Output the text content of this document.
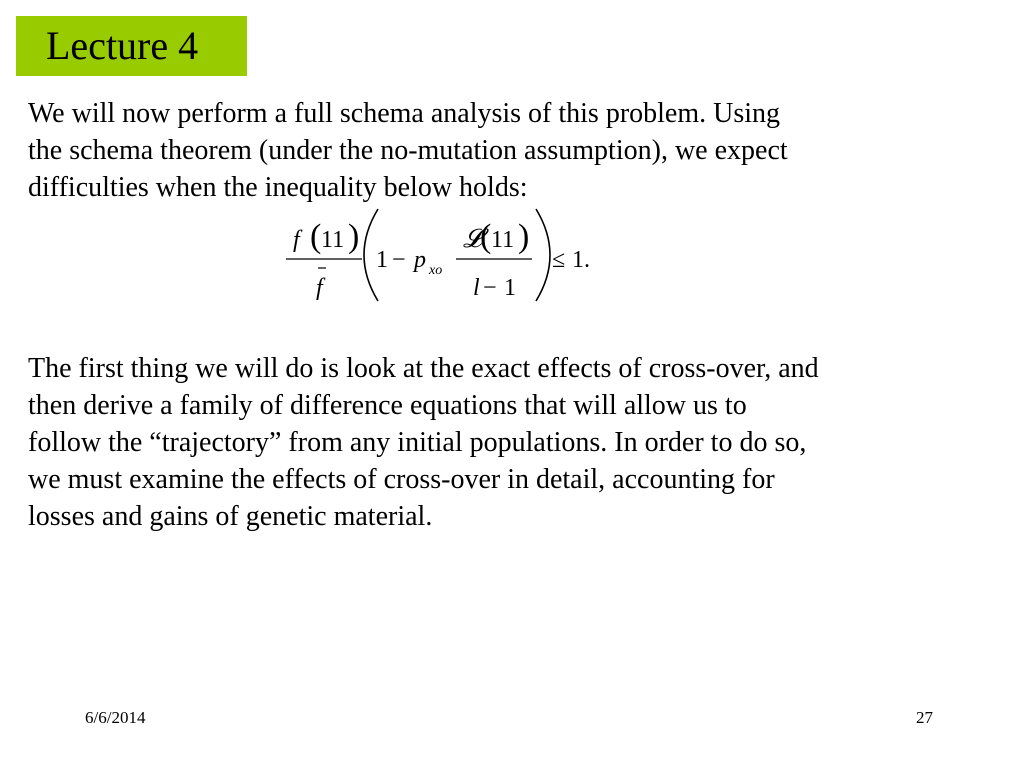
Lecture 4

We will now perform a full schema analysis of this problem. Using
the schema theorem (under the no-mutation assumption), we expect
difficulties when the inequality below holds:

f ( 11 )
f
1 − p xo
𝓛
( 11 )
l − 1
≤ 1.

The first thing we will do is look at the exact effects of cross-over, and
then derive a family of difference equations that will allow us to
follow the “trajectory” from any initial populations. In order to do so,
we must examine the effects of cross-over in detail, accounting for
losses and gains of genetic material.

6/6/2014	27
